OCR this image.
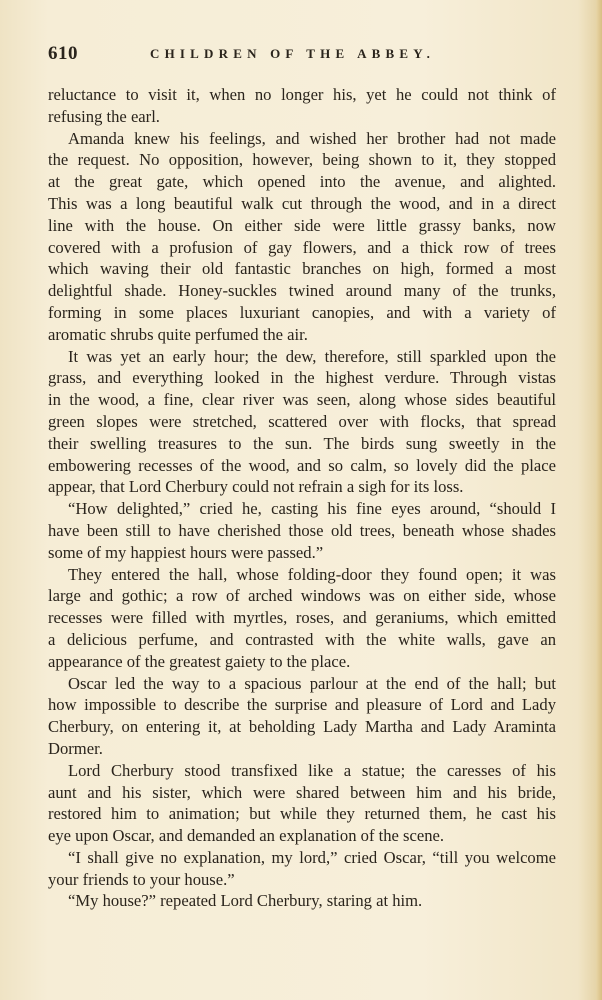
610	CHILDREN OF THE ABBEY.
reluctance to visit it, when no longer his, yet he could not think of
refusing the earl.
Amanda knew his feelings, and wished her brother had not made
the request. No opposition, however, being shown to it, they stopped
at the great gate, which opened into the avenue, and alighted.
This was a long beautiful walk cut through the wood, and in a direct
line with the house. On either side were little grassy banks, now
covered with a profusion of gay flowers, and a thick row of trees
which waving their old fantastic branches on high, formed a most
delightful shade. Honey-suckles twined around many of the trunks,
forming in some places luxuriant canopies, and with a variety of
aromatic shrubs quite perfumed the air.
It was yet an early hour; the dew, therefore, still sparkled upon the
grass, and everything looked in the highest verdure. Through vistas
in the wood, a fine, clear river was seen, along whose sides beautiful
green slopes were stretched, scattered over with flocks, that spread
their swelling treasures to the sun. The birds sung sweetly in the
embowering recesses of the wood, and so calm, so lovely did the place
appear, that Lord Cherbury could not refrain a sigh for its loss.
“How delighted,” cried he, casting his fine eyes around, “should I
have been still to have cherished those old trees, beneath whose shades
some of my happiest hours were passed.”
They entered the hall, whose folding-door they found open; it was
large and gothic; a row of arched windows was on either side, whose
recesses were filled with myrtles, roses, and geraniums, which emitted
a delicious perfume, and contrasted with the white walls, gave an
appearance of the greatest gaiety to the place.
Oscar led the way to a spacious parlour at the end of the hall; but
how impossible to describe the surprise and pleasure of Lord and Lady
Cherbury, on entering it, at beholding Lady Martha and Lady Araminta
Dormer.
Lord Cherbury stood transfixed like a statue; the caresses of his
aunt and his sister, which were shared between him and his bride,
restored him to animation; but while they returned them, he cast his
eye upon Oscar, and demanded an explanation of the scene.
“I shall give no explanation, my lord,” cried Oscar, “till you welcome
your friends to your house.”
“My house?” repeated Lord Cherbury, staring at him.
